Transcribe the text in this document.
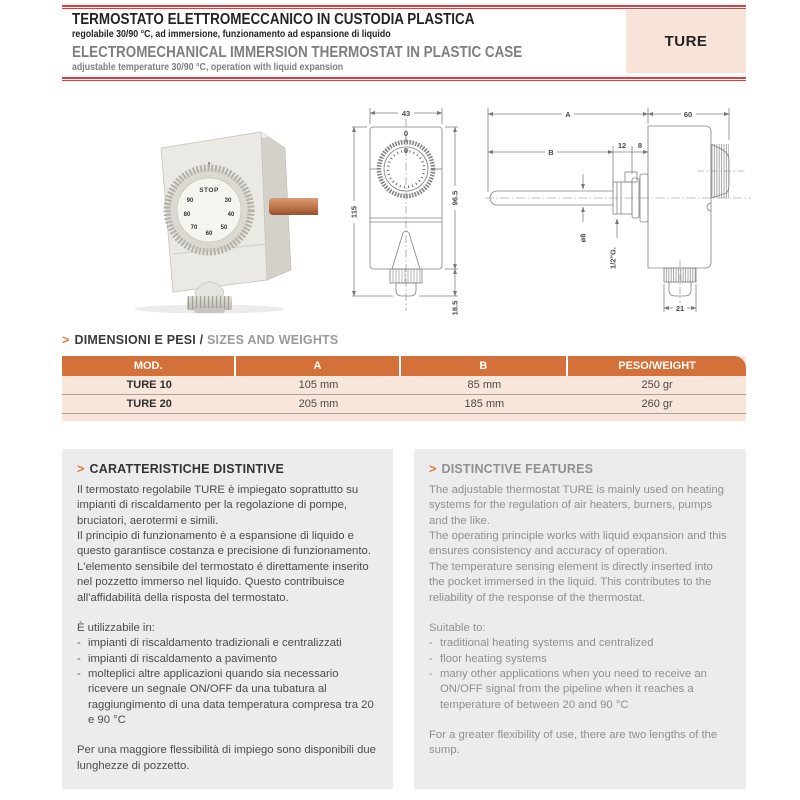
TERMOSTATO ELETTROMECCANICO IN CUSTODIA PLASTICA
regolabile 30/90 °C, ad immersione, funzionamento ad espansione di liquido
ELECTROMECHANICAL IMMERSION THERMOSTAT IN PLASTIC CASE
adjustable temperature 30/90 °C, operation with liquid expansion
TURE
STOP
30
40
50
60
70
80
90
43
0
0
115
96.5
18.5
A	60
B
12 8
ø8
1/2"G.
21
> DIMENSIONI E PESI / SIZES AND WEIGHTS
MOD.	A	B	PESO/WEIGHT
TURE 10	105 mm	85 mm	250 gr
TURE 20	205 mm	185 mm	260 gr
> CARATTERISTICHE DISTINTIVE
Il termostato regolabile TURE è impiegato soprattutto su impianti di riscaldamento per la regolazione di pompe, bruciatori, aerotermi e simili.
Il principio di funzionamento è a espansione di liquido e questo garantisce costanza e precisione di funzionamento.
L'elemento sensibile del termostato é direttamente inserito nel pozzetto immerso nel liquido. Questo contribuisce all'affidabilità della risposta del termostato.
È utilizzabile in:
- impianti di riscaldamento tradizionali e centralizzati
- impianti di riscaldamento a pavimento
- molteplici altre applicazioni quando sia necessario ricevere un segnale ON/OFF da una tubatura al raggiungimento di una data temperatura compresa tra 20 e 90 °C
Per una maggiore flessibilità di impiego sono disponibili due lunghezze di pozzetto.
> DISTINCTIVE FEATURES
The adjustable thermostat TURE is mainly used on heating systems for the regulation of air heaters, burners, pumps and the like.
The operating principle works with liquid expansion and this ensures consistency and accuracy of operation.
The temperature sensing element is directly inserted into the pocket immersed in the liquid. This contributes to the reliability of the response of the thermostat.
Suitable to:
- traditional heating systems and centralized
- floor heating systems
- many other applications when you need to receive an ON/OFF signal from the pipeline when it reaches a temperature of between 20 and 90 °C
For a greater flexibility of use, there are two lengths of the sump.
